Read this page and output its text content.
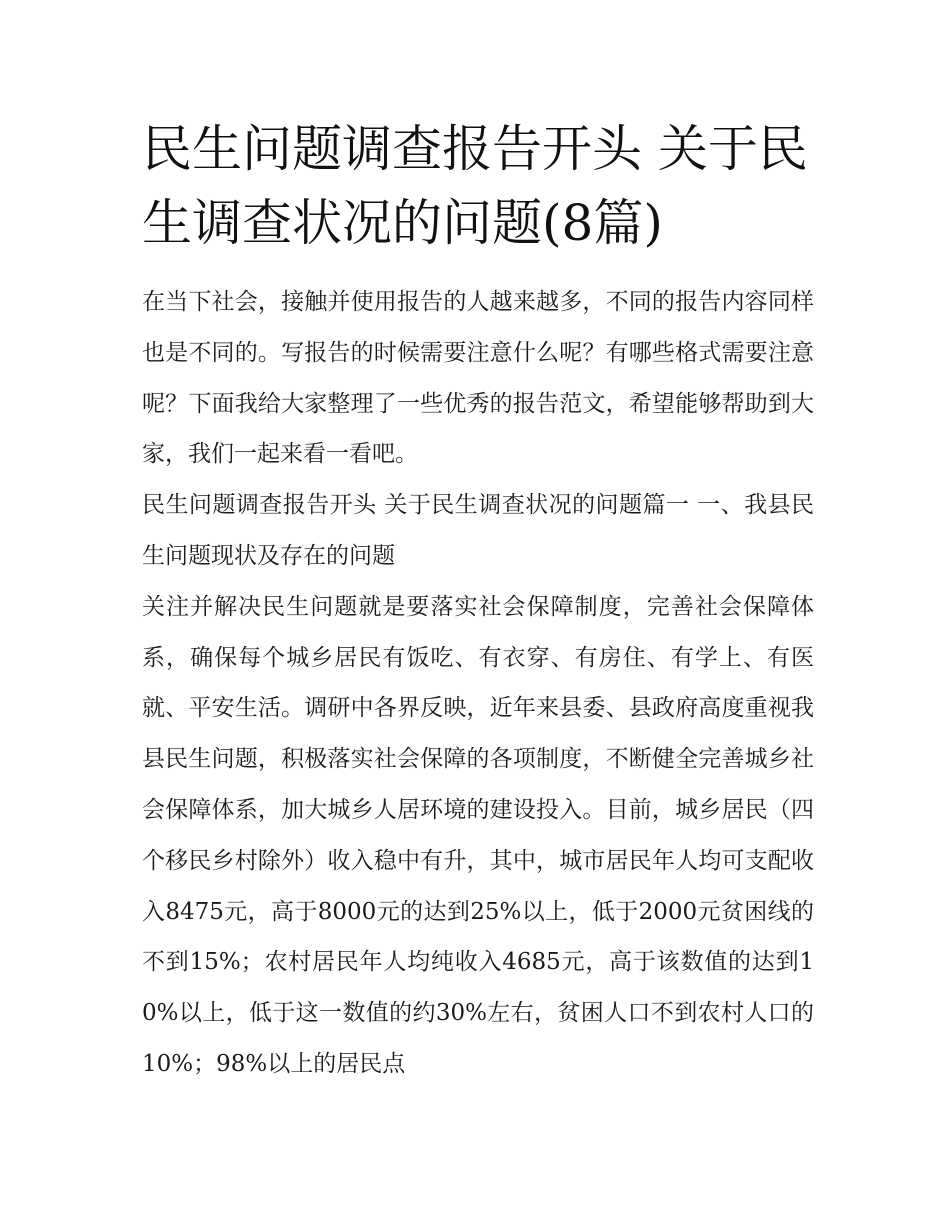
民生问题调查报告开头 关于民生调查状况的问题(8篇)

在当下社会，接触并使用报告的人越来越多，不同的报告内容同样也是不同的。写报告的时候需要注意什么呢？有哪些格式需要注意呢？下面我给大家整理了一些优秀的报告范文，希望能够帮助到大家，我们一起来看一看吧。

民生问题调查报告开头 关于民生调查状况的问题篇一 一、我县民生问题现状及存在的问题

关注并解决民生问题就是要落实社会保障制度，完善社会保障体系，确保每个城乡居民有饭吃、有衣穿、有房住、有学上、有医就、平安生活。调研中各界反映，近年来县委、县政府高度重视我县民生问题，积极落实社会保障的各项制度，不断健全完善城乡社会保障体系，加大城乡人居环境的建设投入。目前，城乡居民（四个移民乡村除外）收入稳中有升，其中，城市居民年人均可支配收入8475元，高于8000元的达到25%以上，低于2000元贫困线的不到15%；农村居民年人均纯收入4685元，高于该数值的达到10%以上，低于这一数值的约30%左右，贫困人口不到农村人口的10%；98%以上的居民点
